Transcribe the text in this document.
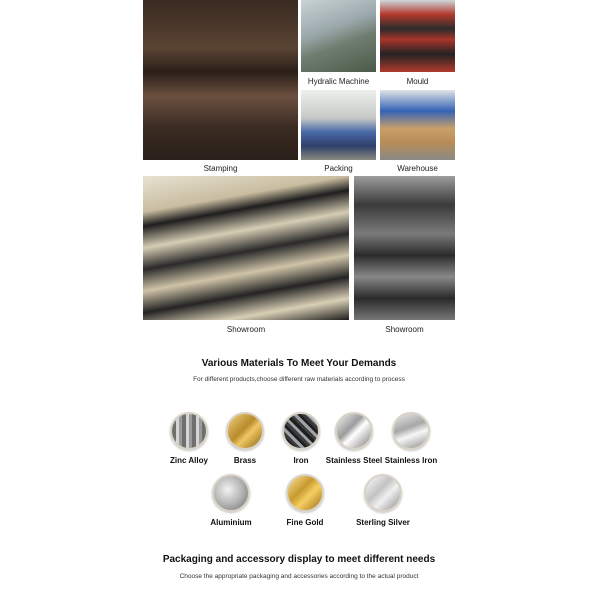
Stamping
Hydralic Machine	Mould
Packing	Warehouse
Showroom	Showroom
Various Materials To Meet Your Demands
For different products,choose different raw materials according to process
Zinc Alloy	Brass	Iron	Stainless Steel Stainless Iron
Aluminium	Fine Gold	Sterling Silver
Packaging and accessory display to meet different needs
Choose the appropriate packaging and accessories according to the actual product
